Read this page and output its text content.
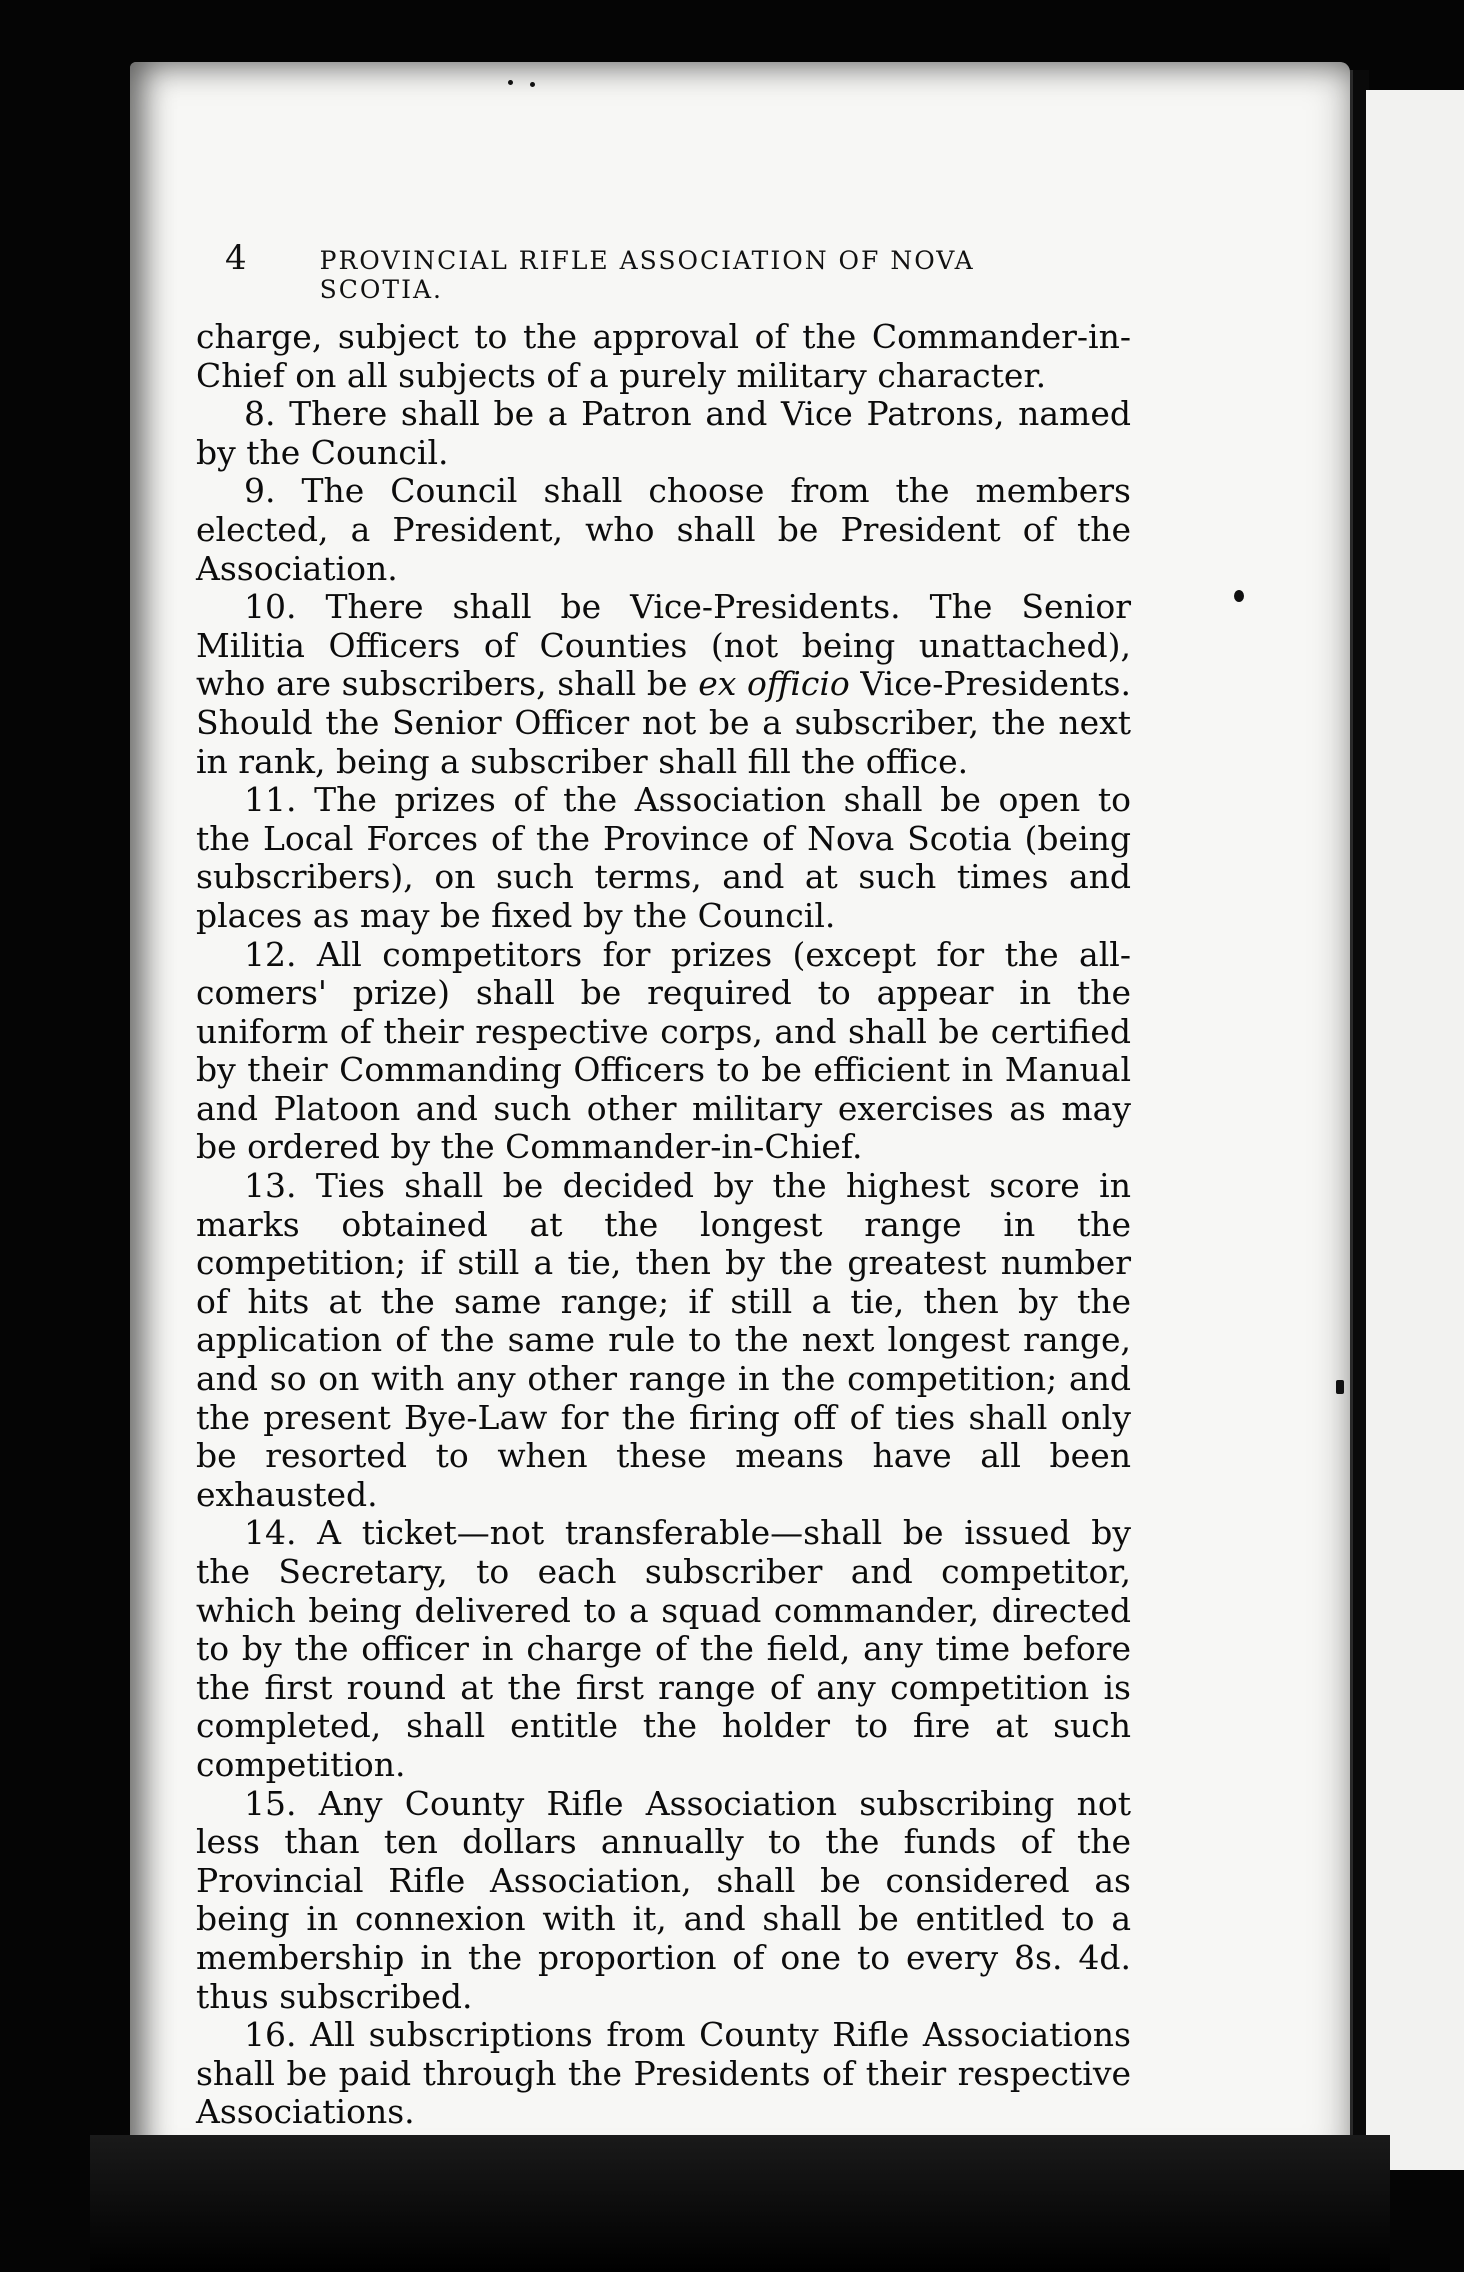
4	PROVINCIAL RIFLE ASSOCIATION OF NOVA SCOTIA.

charge, subject to the approval of the Commander-in-Chief on all subjects of a purely military character.

8. There shall be a Patron and Vice Patrons, named by the Council.

9. The Council shall choose from the members elected, a President, who shall be President of the Association.

10. There shall be Vice-Presidents. The Senior Militia Officers of Counties (not being unattached), who are subscribers, shall be ex officio Vice-Presidents. Should the Senior Officer not be a subscriber, the next in rank, being a subscriber shall fill the office.

11. The prizes of the Association shall be open to the Local Forces of the Province of Nova Scotia (being subscribers), on such terms, and at such times and places as may be fixed by the Council.

12. All competitors for prizes (except for the all-comers' prize) shall be required to appear in the uniform of their respective corps, and shall be certified by their Commanding Officers to be efficient in Manual and Platoon and such other military exercises as may be ordered by the Commander-in-Chief.

13. Ties shall be decided by the highest score in marks obtained at the longest range in the competition; if still a tie, then by the greatest number of hits at the same range; if still a tie, then by the application of the same rule to the next longest range, and so on with any other range in the competition; and the present Bye-Law for the firing off of ties shall only be resorted to when these means have all been exhausted.

14. A ticket—not transferable—shall be issued by the Secretary, to each subscriber and competitor, which being delivered to a squad commander, directed to by the officer in charge of the field, any time before the first round at the first range of any competition is completed, shall entitle the holder to fire at such competition.

15. Any County Rifle Association subscribing not less than ten dollars annually to the funds of the Provincial Rifle Association, shall be considered as being in connexion with it, and shall be entitled to a membership in the proportion of one to every 8s. 4d. thus subscribed.

16. All subscriptions from County Rifle Associations shall be paid through the Presidents of their respective Associations.
